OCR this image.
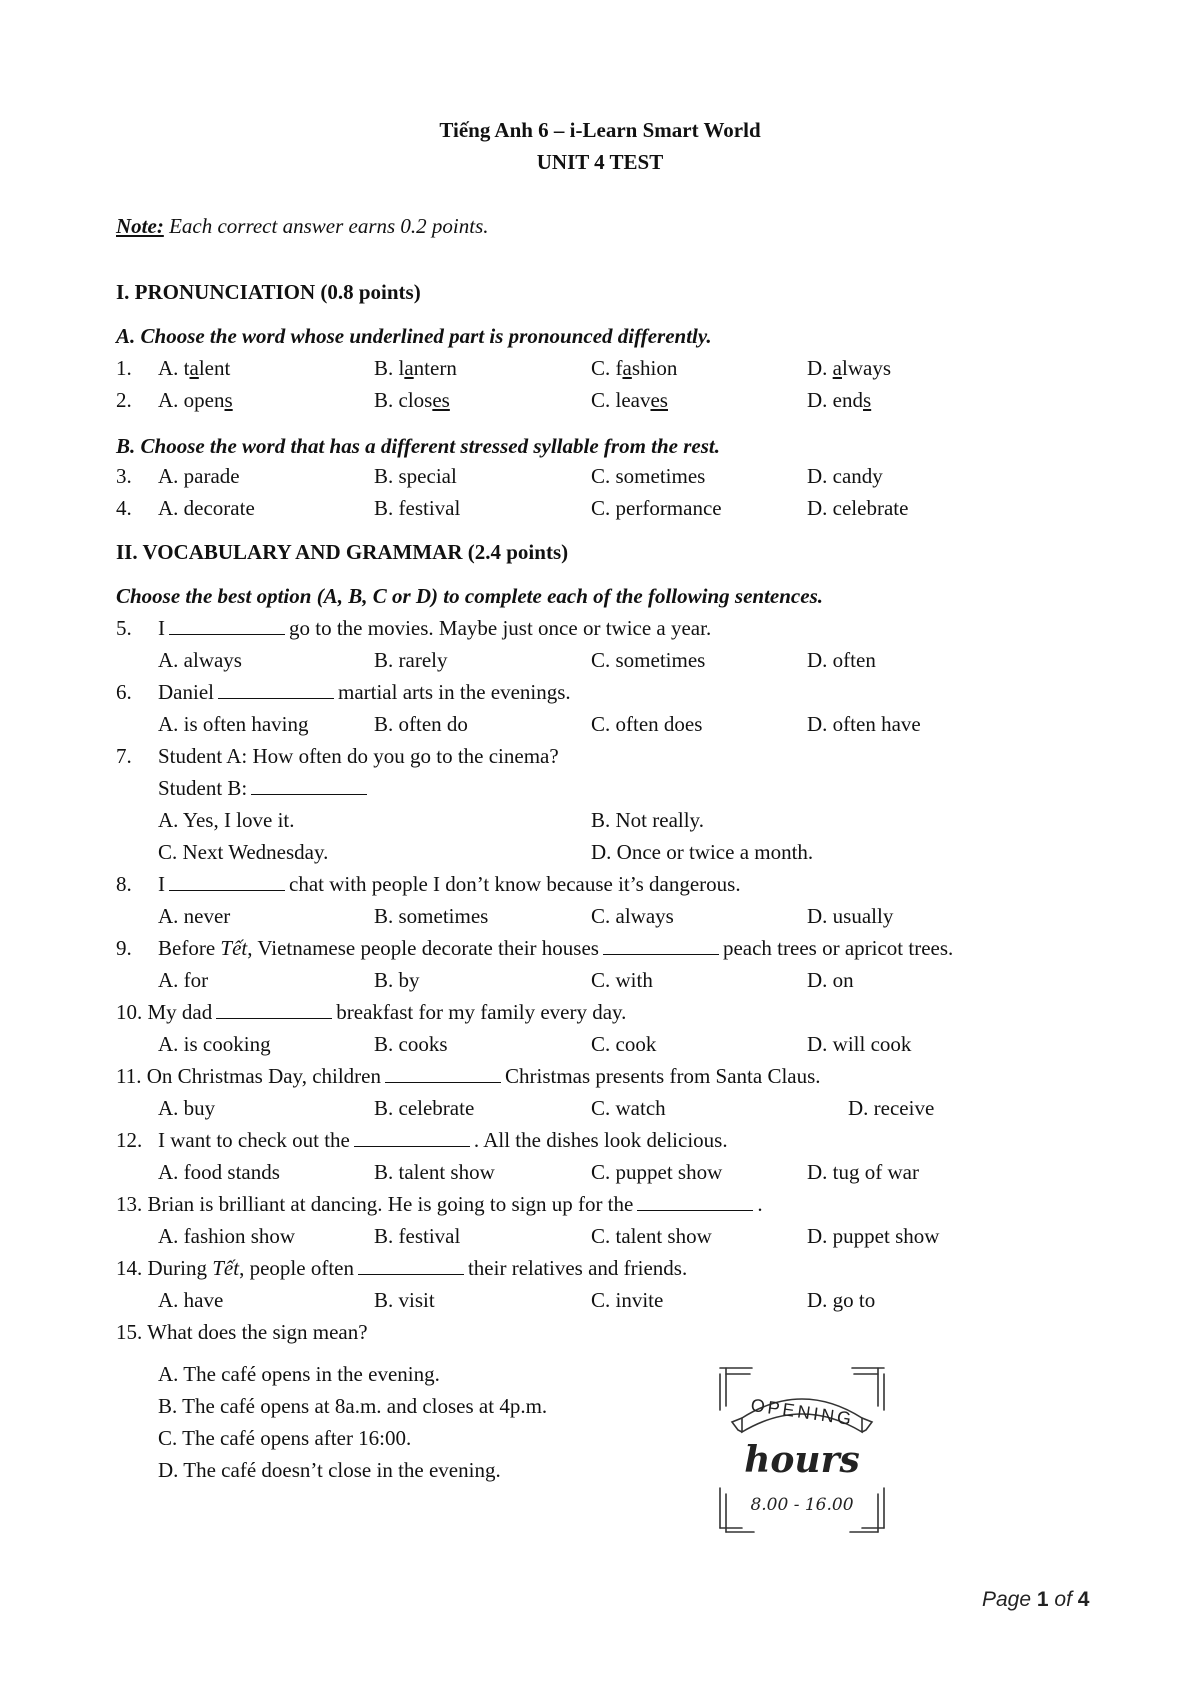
Tiếng Anh 6 – i-Learn Smart World
UNIT 4 TEST
Note: Each correct answer earns 0.2 points.
I. PRONUNCIATION (0.8 points)
A. Choose the word whose underlined part is pronounced differently.
1. A. talent	B. lantern	C. fashion	D. always
2. A. opens	B. closes	C. leaves	D. ends
B. Choose the word that has a different stressed syllable from the rest.
3. A. parade	B. special	C. sometimes	D. candy
4. A. decorate	B. festival	C. performance	D. celebrate
II. VOCABULARY AND GRAMMAR (2.4 points)
Choose the best option (A, B, C or D) to complete each of the following sentences.
5. I	go to the movies. Maybe just once or twice a year.
A. always	B. rarely	C. sometimes	D. often
6. Daniel	martial arts in the evenings.
A. is often having	B. often do	C. often does	D. often have
7. Student A: How often do you go to the cinema?
Student B:
A. Yes, I love it.	B. Not really.
C. Next Wednesday.	D. Once or twice a month.
8. I	chat with people I don’t know because it’s dangerous.
A. never	B. sometimes	C. always	D. usually
9. Before Tết, Vietnamese people decorate their houses	peach trees or apricot trees.
A. for	B. by	C. with	D. on
10. My dad	breakfast for my family every day.
A. is cooking	B. cooks	C. cook	D. will cook
11. On Christmas Day, children	Christmas presents from Santa Claus.
A. buy	B. celebrate	C. watch	D. receive
12. I want to check out the	. All the dishes look delicious.
A. food stands	B. talent show	C. puppet show	D. tug of war
13. Brian is brilliant at dancing. He is going to sign up for the	.
A. fashion show	B. festival	C. talent show	D. puppet show
14. During Tết, people often	their relatives and friends.
A. have	B. visit	C. invite	D. go to
15. What does the sign mean?
A. The café opens in the evening.
B. The café opens at 8a.m. and closes at 4p.m.
C. The café opens after 16:00.
D. The café doesn’t close in the evening.
OPENING
hours
8.00 - 16.00
Page 1 of 4
